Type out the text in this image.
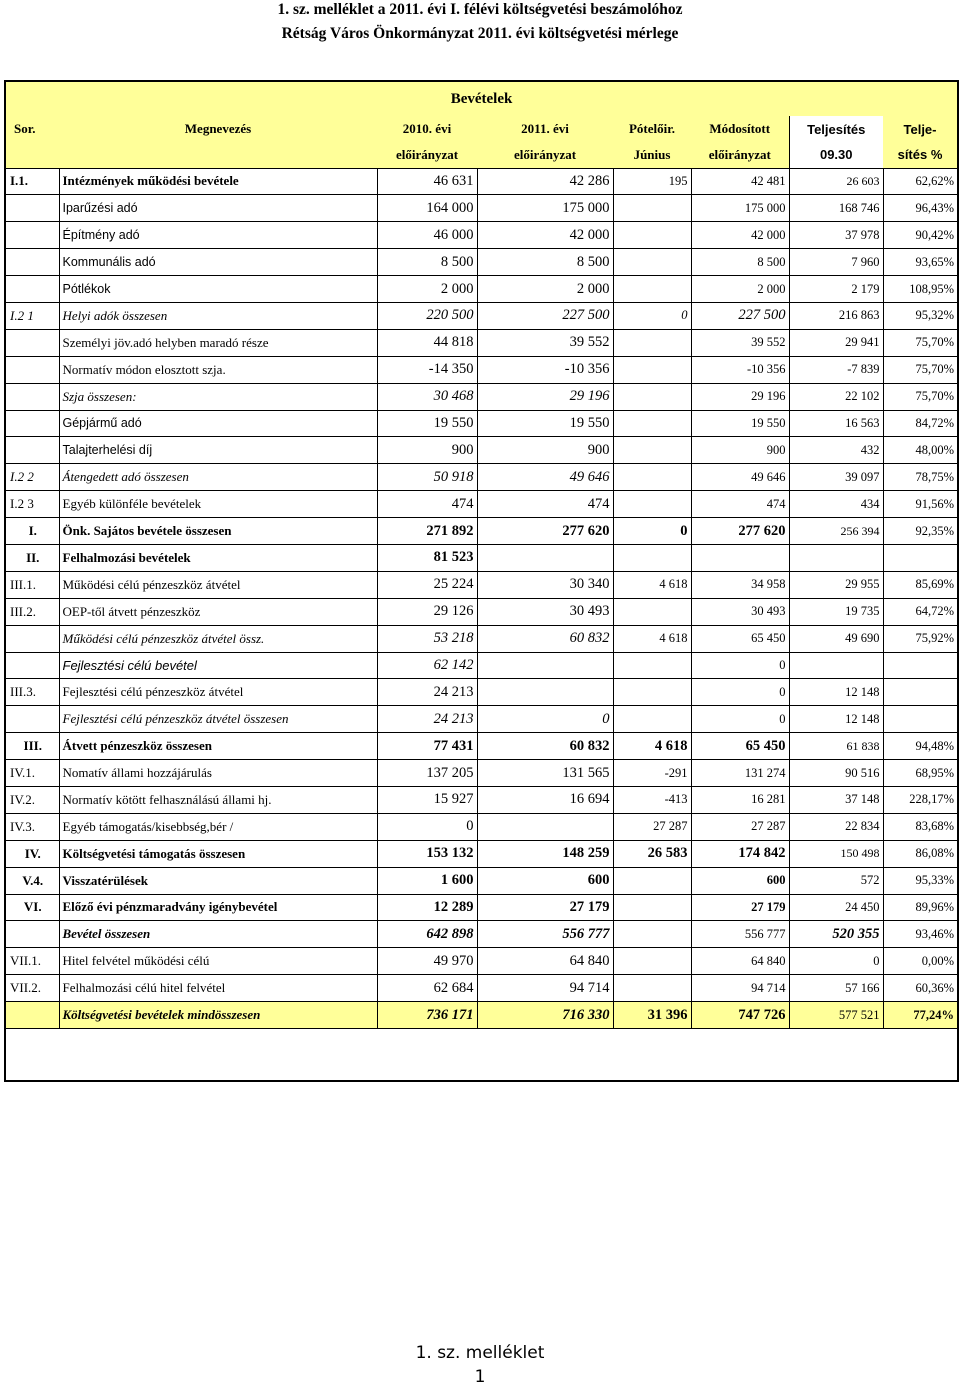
1. sz. melléklet a 2011. évi I. félévi költségvetési beszámolóhoz
Rétság Város Önkormányzat 2011. évi költségvetési mérlege
Bevételek							
Sor.	Megnevezés	2010. évi	2011. évi	Pótelőir.	Módosított	Teljesítés	Telje-
		előirányzat	előirányzat	Június	előirányzat	09.30	sítés %
I.1.	Intézmények működési bevétele	46 631	42 286	195	42 481	26 603	62,62%
	Iparűzési adó	164 000	175 000		175 000	168 746	96,43%
	Építmény adó	46 000	42 000		42 000	37 978	90,42%
	Kommunális adó	8 500	8 500		8 500	7 960	93,65%
	Pótlékok	2 000	2 000		2 000	2 179	108,95%
I.2 1	Helyi adók összesen	220 500	227 500	0	227 500	216 863	95,32%
	Személyi jöv.adó helyben maradó része	44 818	39 552		39 552	29 941	75,70%
	Normatív módon elosztott szja.	-14 350	-10 356		-10 356	-7 839	75,70%
	Szja összesen:	30 468	29 196		29 196	22 102	75,70%
	Gépjármű adó	19 550	19 550		19 550	16 563	84,72%
	Talajterhelési díj	900	900		900	432	48,00%
I.2 2	Átengedett adó összesen	50 918	49 646		49 646	39 097	78,75%
I.2 3	Egyéb különféle bevételek	474	474		474	434	91,56%
I.	Önk. Sajátos bevétele összesen	271 892	277 620	0	277 620	256 394	92,35%
II.	Felhalmozási bevételek	81 523					
III.1.	Működési célú pénzeszköz átvétel	25 224	30 340	4 618	34 958	29 955	85,69%
III.2.	OEP-től átvett pénzeszköz	29 126	30 493		30 493	19 735	64,72%
	Működési célú pénzeszköz átvétel össz.	53 218	60 832	4 618	65 450	49 690	75,92%
	Fejlesztési célú bevétel	62 142			0		
III.3.	Fejlesztési célú pénzeszköz átvétel	24 213			0	12 148	
	Fejlesztési célú pénzeszköz átvétel összesen	24 213	0		0	12 148	
III.	Átvett pénzeszköz összesen	77 431	60 832	4 618	65 450	61 838	94,48%
IV.1.	Nomatív állami hozzájárulás	137 205	131 565	-291	131 274	90 516	68,95%
IV.2.	Normatív kötött felhasználású állami hj.	15 927	16 694	-413	16 281	37 148	228,17%
IV.3.	Egyéb támogatás/kisebbség,bér /	0		27 287	27 287	22 834	83,68%
IV.	Költségvetési támogatás összesen	153 132	148 259	26 583	174 842	150 498	86,08%
V.4.	Visszatérülések	1 600	600		600	572	95,33%
VI.	Előző évi pénzmaradvány igénybevétel	12 289	27 179		27 179	24 450	89,96%
	Bevétel összesen	642 898	556 777		556 777	520 355	93,46%
VII.1.	Hitel felvétel működési célú	49 970	64 840		64 840	0	0,00%
VII.2.	Felhalmozási célú hitel felvétel	62 684	94 714		94 714	57 166	60,36%
	Költségvetési bevételek mindösszesen	736 171	716 330	31 396	747 726	577 521	77,24%
1. sz. melléklet
1
